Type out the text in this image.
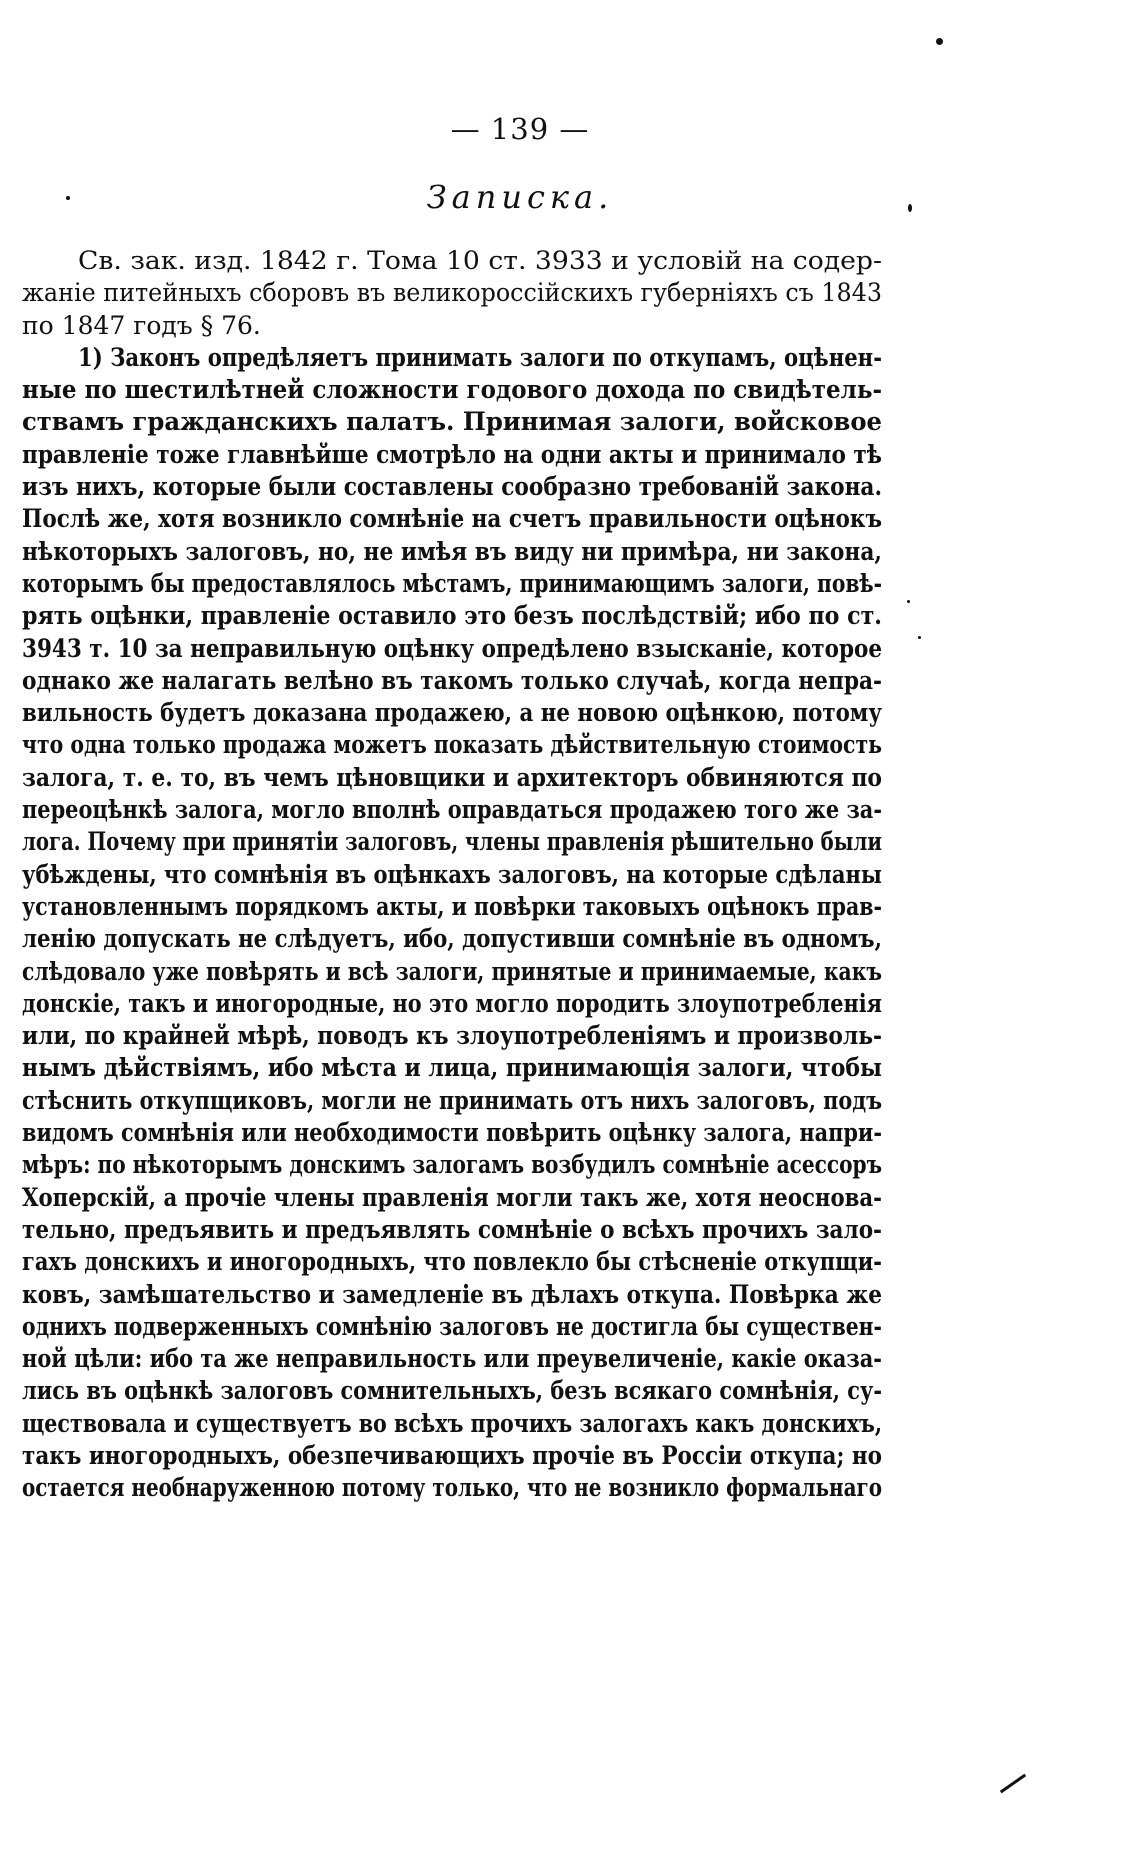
— 139 —
Записка.
Св. зак. изд. 1842 г. Тома 10 ст. 3933 и условій на содер-
жаніе питейныхъ сборовъ въ великороссійскихъ губерніяхъ съ 1843
по 1847 годъ § 76.
1) Законъ опредѣляетъ принимать залоги по откупамъ, оцѣнен-
ные по шестилѣтней сложности годового дохода по свидѣтель-
ствамъ гражданскихъ палатъ. Принимая залоги, войсковое
правленіе тоже главнѣйше смотрѣло на одни акты и принимало тѣ
изъ нихъ, которые были составлены сообразно требованій закона.
Послѣ же, хотя возникло сомнѣніе на счетъ правильности оцѣнокъ
нѣкоторыхъ залоговъ, но, не имѣя въ виду ни примѣра, ни закона,
которымъ бы предоставлялось мѣстамъ, принимающимъ залоги, повѣ-
рять оцѣнки, правленіе оставило это безъ послѣдствій; ибо по ст.
3943 т. 10 за неправильную оцѣнку опредѣлено взысканіе, которое
однако же налагать велѣно въ такомъ только случаѣ, когда непра-
вильность будетъ доказана продажею, а не новою оцѣнкою, потому
что одна только продажа можетъ показать дѣйствительную стоимость
залога, т. е. то, въ чемъ цѣновщики и архитекторъ обвиняются по
переоцѣнкѣ залога, могло вполнѣ оправдаться продажею того же за-
лога. Почему при принятіи залоговъ, члены правленія рѣшительно были
убѣждены, что сомнѣнія въ оцѣнкахъ залоговъ, на которые сдѣланы
установленнымъ порядкомъ акты, и повѣрки таковыхъ оцѣнокъ прав-
ленію допускать не слѣдуетъ, ибо, допустивши сомнѣніе въ одномъ,
слѣдовало уже повѣрять и всѣ залоги, принятые и принимаемые, какъ
донскіе, такъ и иногородные, но это могло породить злоупотребленія
или, по крайней мѣрѣ, поводъ къ злоупотребленіямъ и произволь-
нымъ дѣйствіямъ, ибо мѣста и лица, принимающія залоги, чтобы
стѣснить откупщиковъ, могли не принимать отъ нихъ залоговъ, подъ
видомъ сомнѣнія или необходимости повѣрить оцѣнку залога, напри-
мѣръ: по нѣкоторымъ донскимъ залогамъ возбудилъ сомнѣніе асессоръ
Хоперскій, а прочіе члены правленія могли такъ же, хотя неоснова-
тельно, предъявить и предъявлять сомнѣніе о всѣхъ прочихъ зало-
гахъ донскихъ и иногородныхъ, что повлекло бы стѣсненіе откупщи-
ковъ, замѣшательство и замедленіе въ дѣлахъ откупа. Повѣрка же
однихъ подверженныхъ сомнѣнію залоговъ не достигла бы существен-
ной цѣли: ибо та же неправильность или преувеличеніе, какіе оказа-
лись въ оцѣнкѣ залоговъ сомнительныхъ, безъ всякаго сомнѣнія, су-
ществовала и существуетъ во всѣхъ прочихъ залогахъ какъ донскихъ,
такъ иногородныхъ, обезпечивающихъ прочіе въ Россіи откупа; но
остается необнаруженною потому только, что не возникло формальнаго
